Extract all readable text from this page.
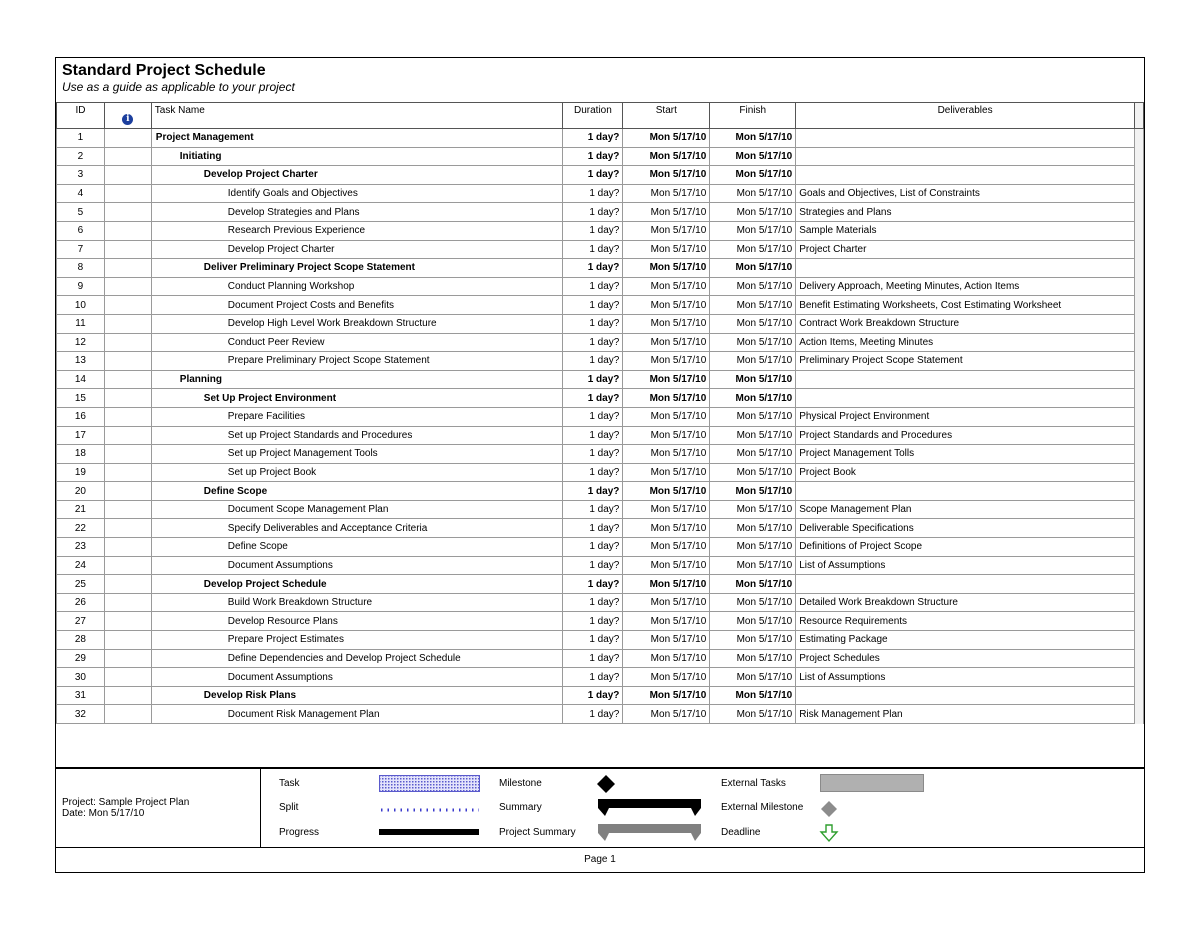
Standard Project Schedule
Use as a guide as applicable to your project
ID	i	Task Name	Duration	Start	Finish	Deliverables	
1		Project Management	1 day?	Mon 5/17/10	Mon 5/17/10		
2		Initiating	1 day?	Mon 5/17/10	Mon 5/17/10		
3		Develop Project Charter	1 day?	Mon 5/17/10	Mon 5/17/10		
4		Identify Goals and Objectives	1 day?	Mon 5/17/10	Mon 5/17/10	Goals and Objectives, List of Constraints	
5		Develop Strategies and Plans	1 day?	Mon 5/17/10	Mon 5/17/10	Strategies and Plans	
6		Research Previous Experience	1 day?	Mon 5/17/10	Mon 5/17/10	Sample Materials	
7		Develop Project Charter	1 day?	Mon 5/17/10	Mon 5/17/10	Project Charter	
8		Deliver Preliminary Project Scope Statement	1 day?	Mon 5/17/10	Mon 5/17/10		
9		Conduct Planning Workshop	1 day?	Mon 5/17/10	Mon 5/17/10	Delivery Approach, Meeting Minutes, Action Items	
10		Document Project Costs and Benefits	1 day?	Mon 5/17/10	Mon 5/17/10	Benefit Estimating Worksheets, Cost Estimating Worksheet	
11		Develop High Level Work Breakdown Structure	1 day?	Mon 5/17/10	Mon 5/17/10	Contract Work Breakdown Structure	
12		Conduct Peer Review	1 day?	Mon 5/17/10	Mon 5/17/10	Action Items, Meeting Minutes	
13		Prepare Preliminary Project Scope Statement	1 day?	Mon 5/17/10	Mon 5/17/10	Preliminary Project Scope Statement	
14		Planning	1 day?	Mon 5/17/10	Mon 5/17/10		
15		Set Up Project Environment	1 day?	Mon 5/17/10	Mon 5/17/10		
16		Prepare Facilities	1 day?	Mon 5/17/10	Mon 5/17/10	Physical Project Environment	
17		Set up Project Standards and Procedures	1 day?	Mon 5/17/10	Mon 5/17/10	Project Standards and Procedures	
18		Set up Project Management Tools	1 day?	Mon 5/17/10	Mon 5/17/10	Project Management Tolls	
19		Set up Project Book	1 day?	Mon 5/17/10	Mon 5/17/10	Project Book	
20		Define Scope	1 day?	Mon 5/17/10	Mon 5/17/10		
21		Document Scope Management Plan	1 day?	Mon 5/17/10	Mon 5/17/10	Scope Management Plan	
22		Specify Deliverables and Acceptance Criteria	1 day?	Mon 5/17/10	Mon 5/17/10	Deliverable Specifications	
23		Define Scope	1 day?	Mon 5/17/10	Mon 5/17/10	Definitions of Project Scope	
24		Document Assumptions	1 day?	Mon 5/17/10	Mon 5/17/10	List of Assumptions	
25		Develop Project Schedule	1 day?	Mon 5/17/10	Mon 5/17/10		
26		Build Work Breakdown Structure	1 day?	Mon 5/17/10	Mon 5/17/10	Detailed Work Breakdown Structure	
27		Develop Resource Plans	1 day?	Mon 5/17/10	Mon 5/17/10	Resource Requirements	
28		Prepare Project Estimates	1 day?	Mon 5/17/10	Mon 5/17/10	Estimating Package	
29		Define Dependencies and Develop Project Schedule	1 day?	Mon 5/17/10	Mon 5/17/10	Project Schedules	
30		Document Assumptions	1 day?	Mon 5/17/10	Mon 5/17/10	List of Assumptions	
31		Develop Risk Plans	1 day?	Mon 5/17/10	Mon 5/17/10		
32		Document Risk Management Plan	1 day?	Mon 5/17/10	Mon 5/17/10	Risk Management Plan	
Project: Sample Project Plan
Date: Mon 5/17/10
Task
Split
Progress
Milestone
Summary
Project Summary
External Tasks
External Milestone
Deadline
Page 1
